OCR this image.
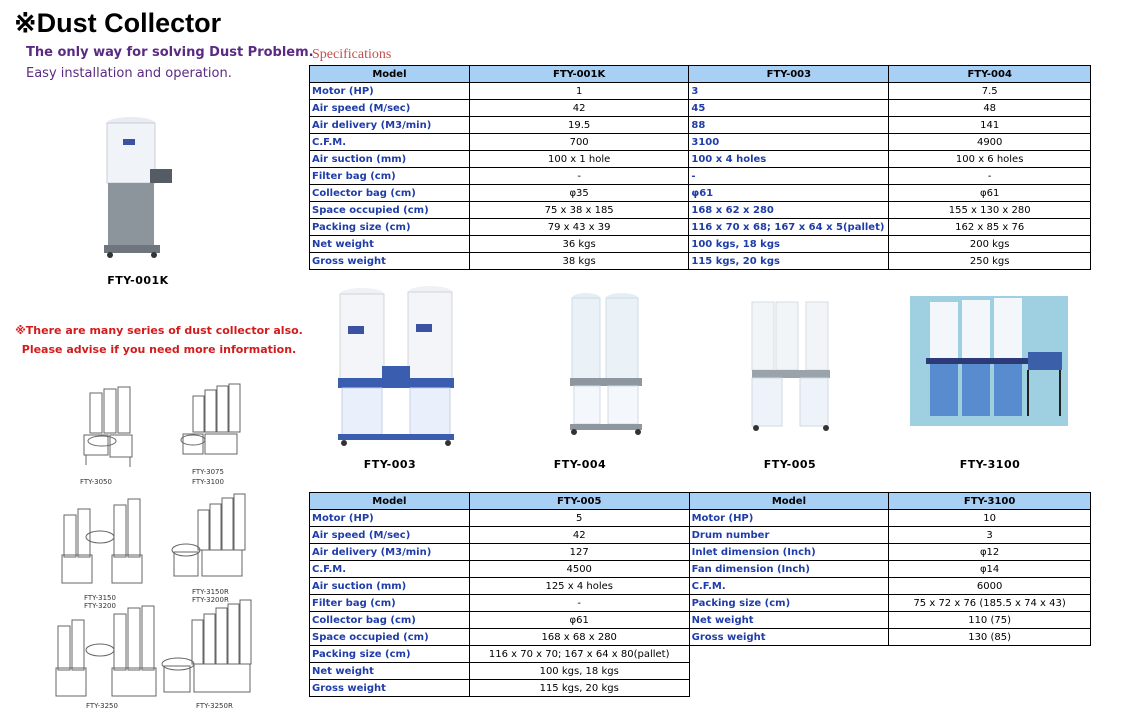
※Dust Collector
The only way for solving Dust Problem.
Easy installation and operation.
Specifications
FTY-001K
※There are many series of dust collector also.
Please advise if you need more information.
FTY-3050
FTY-3075
FTY-3100
FTY-3150
FTY-3200
FTY-3150R
FTY-3200R
FTY-3250	FTY-3250R
FTY-003	FTY-004	FTY-005	FTY-3100
Model	FTY-001K	FTY-003	FTY-004
Motor (HP)	1	3	7.5
Air speed (M/sec)	42	45	48
Air delivery (M3/min)	19.5	88	141
C.F.M.	700	3100	4900
Air suction (mm)	100 x 1 hole	100 x 4 holes	100 x 6 holes
Filter bag (cm)	-	-	-
Collector bag (cm)	φ35	φ61	φ61
Space occupied (cm)	75 x 38 x 185	168 x 62 x 280	155 x 130 x 280
Packing size (cm)	79 x 43 x 39	116 x 70 x 68; 167 x 64 x 5(pallet)	162 x 85 x 76
Net weight	36 kgs	100 kgs, 18 kgs	200 kgs
Gross weight	38 kgs	115 kgs, 20 kgs	250 kgs
Model	FTY-005	Model	FTY-3100
Motor (HP)	5	Motor (HP)	10
Air speed (M/sec)	42	Drum number	3
Air delivery (M3/min)	127	Inlet dimension (Inch)	φ12
C.F.M.	4500	Fan dimension (Inch)	φ14
Air suction (mm)	125 x 4 holes	C.F.M.	6000
Filter bag (cm)	-	Packing size (cm)	75 x 72 x 76 (185.5 x 74 x 43)
Collector bag (cm)	φ61	Net weight	110 (75)
Space occupied (cm)	168 x 68 x 280	Gross weight	130 (85)
Packing size (cm)	116 x 70 x 70; 167 x 64 x 80(pallet)		
Net weight	100 kgs, 18 kgs		
Gross weight	115 kgs, 20 kgs		
